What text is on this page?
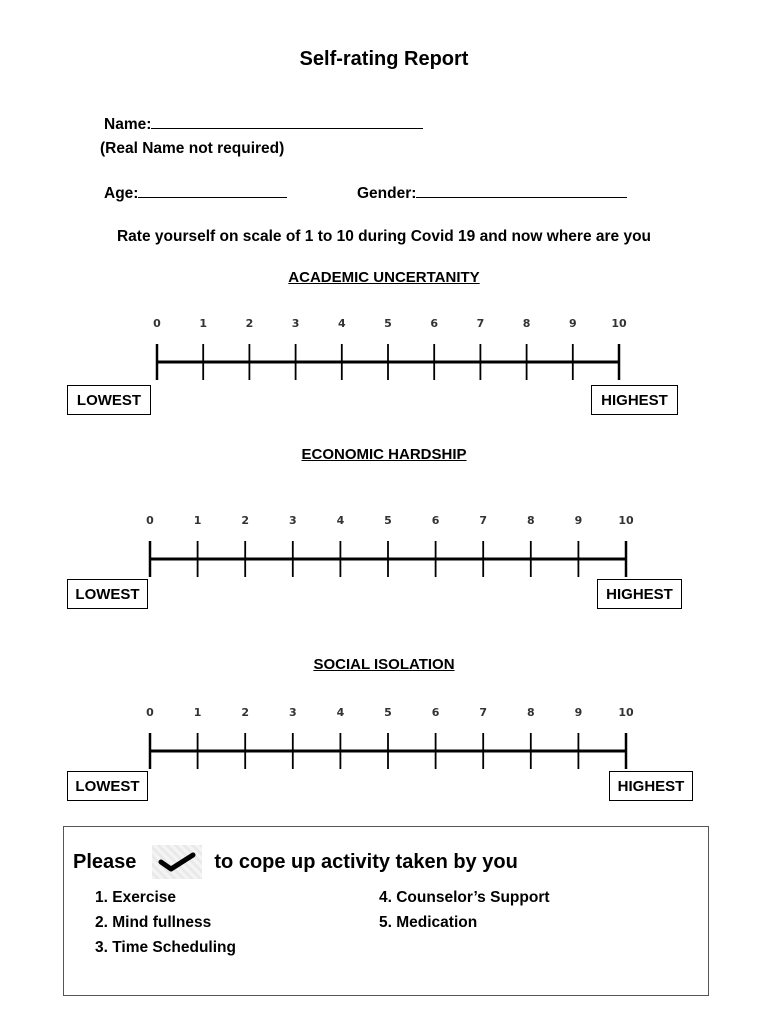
Self-rating Report
Name:
(Real Name not required)
Age:	Gender:
Rate yourself on scale of 1 to 10 during Covid 19 and now where are you
ACADEMIC UNCERTANITY
0	1	2	3	4	5	6	7	8	9	10
LOWEST	HIGHEST
ECONOMIC HARDSHIP
0	1	2	3	4	5	6	7	8	9	10
LOWEST	HIGHEST
SOCIAL ISOLATION
0	1	2	3	4	5	6	7	8	9	10
LOWEST	HIGHEST
Please	to cope up activity taken by you
1. Exercise
2. Mind fullness
3. Time Scheduling
4. Counselor’s Support
5. Medication
